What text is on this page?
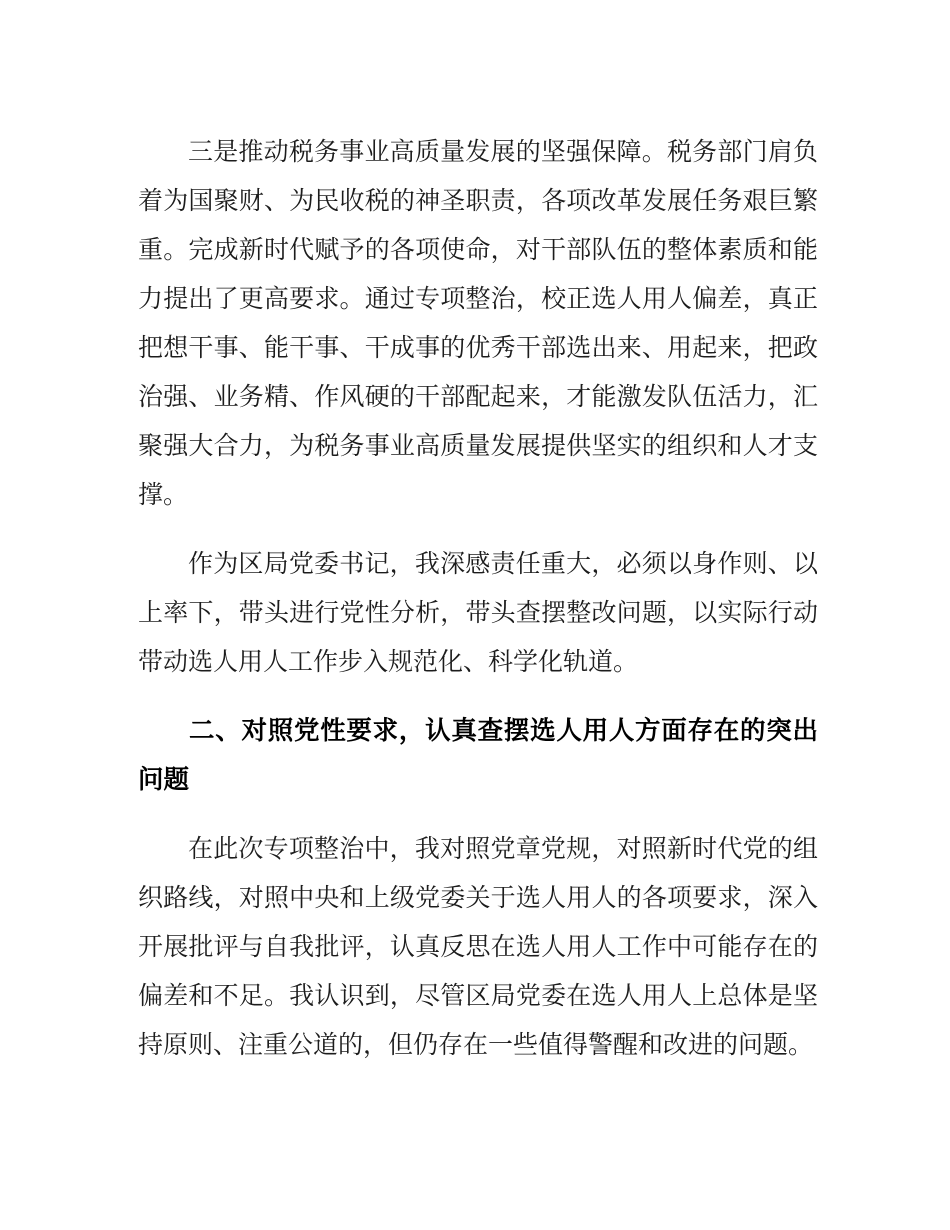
三是推动税务事业高质量发展的坚强保障。税务部门肩负着为国聚财、为民收税的神圣职责，各项改革发展任务艰巨繁重。完成新时代赋予的各项使命，对干部队伍的整体素质和能力提出了更高要求。通过专项整治，校正选人用人偏差，真正把想干事、能干事、干成事的优秀干部选出来、用起来，把政治强、业务精、作风硬的干部配起来，才能激发队伍活力，汇聚强大合力，为税务事业高质量发展提供坚实的组织和人才支撑。

作为区局党委书记，我深感责任重大，必须以身作则、以上率下，带头进行党性分析，带头查摆整改问题，以实际行动带动选人用人工作步入规范化、科学化轨道。

二、对照党性要求，认真查摆选人用人方面存在的突出问题

在此次专项整治中，我对照党章党规，对照新时代党的组织路线，对照中央和上级党委关于选人用人的各项要求，深入开展批评与自我批评，认真反思在选人用人工作中可能存在的偏差和不足。我认识到，尽管区局党委在选人用人上总体是坚持原则、注重公道的，但仍存在一些值得警醒和改进的问题。
